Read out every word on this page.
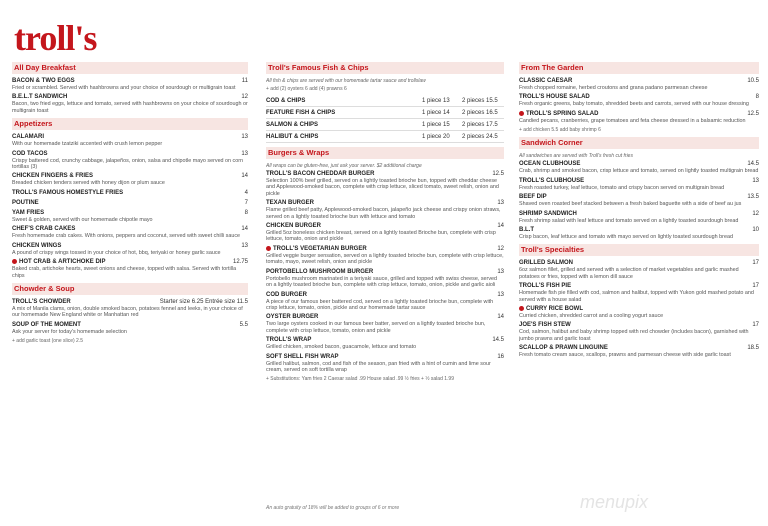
troll's
All Day Breakfast
BACON & TWO EGGS	11
Fried or scrambled. Served with hashbrowns and your choice of sourdough or multigrain toast
B.E.L.T SANDWICH	12
Bacon, two fried eggs, lettuce and tomato, served with hashbrowns on your choice of sourdough or multigrain toast
Appetizers
CALAMARI	13
With our homemade tzatziki accented with crush lemon pepper
COD TACOS	13
Crispy battered cod, crunchy cabbage, jalapeños, onion, salsa and chipotle mayo served on corn tortillas (3)
CHICKEN FINGERS & FRIES	14
Breaded chicken tenders served with honey dijon or plum sauce
TROLL'S FAMOUS HOMESTYLE FRIES	4
POUTINE	7
YAM FRIES	8
Sweet & golden, served with our homemade chipotle mayo
CHEF'S CRAB CAKES	14
Fresh homemade crab cakes. With onions, peppers and coconut, served with sweet chilli sauce
CHICKEN WINGS	13
A pound of crispy wings tossed in your choice of hot, bbq, teriyaki or honey garlic sauce
HOT CRAB & ARTICHOKE DIP	12.75
Baked crab, artichoke hearts, sweet onions and cheese, topped with salsa. Served with tortilla chips
Chowder & Soup
TROLL'S CHOWDER	Starter size 6.25 Entrée size 11.5
A mix of Manila clams, onion, double smoked bacon, potatoes fennel and leeks, in your choice of our homemade New England white or Manhattan red
SOUP OF THE MOMENT	5.5
Ask your server for today's homemade selection
+ add garlic toast (one slice) 2.5
Troll's Famous Fish & Chips
All fish & chips are served with our homemade tartar sauce and trollslaw
+ add (2) oysters 6 add (4) prawns 6
COD & CHIPS	1 piece 13 2 pieces 15.5
FEATURE FISH & CHIPS	1 piece 14 2 pieces 16.5
SALMON & CHIPS	1 piece 15 2 pieces 17.5
HALIBUT & CHIPS	1 piece 20 2 pieces 24.5
Burgers & Wraps
All wraps can be gluten-free, just ask your server. $2 additional charge
TROLL'S BACON CHEDDAR BURGER	12.5
Selection 100% beef grilled, served on a lightly toasted brioche bun, topped with cheddar cheese and Applewood-smoked bacon, complete with crisp lettuce, sliced tomato, sweet relish, onion and pickle
TEXAN BURGER	13
Flame grilled beef patty, Applewood-smoked bacon, jalapeño jack cheese and crispy onion straws, served on a lightly toasted brioche bun with lettuce and tomato
CHICKEN BURGER	14
Grilled 5oz boneless chicken breast, served on a lightly toasted Brioche bun, complete with crisp lettuce, tomato, onion and pickle
TROLL'S VEGETARIAN BURGER	12
Grilled veggie burger sensation, served on a lightly toasted brioche bun, complete with crisp lettuce, tomato, mayo, sweet relish, onion and pickle
PORTOBELLO MUSHROOM BURGER	13
Portobello mushroom marinated in a teriyaki sauce, grilled and topped with swiss cheese, served on a lightly toasted brioche bun, complete with crisp lettuce, tomato, onion, pickle and garlic aioli
COD BURGER	13
A piece of our famous beer battered cod, served on a lightly toasted brioche bun, complete with crisp lettuce, tomato, onion, pickle and our homemade tartar sauce
OYSTER BURGER	14
Two large oysters cooked in our famous beer batter, served on a lightly toasted brioche bun, complete with crisp lettuce, tomato, onion and pickle
TROLL'S WRAP	14.5
Grilled chicken, smoked bacon, guacamole, lettuce and tomato
SOFT SHELL FISH WRAP	16
Grilled halibut, salmon, cod and fish of the season, pan fried with a hint of cumin and lime sour cream, served on soft tortilla wrap
+ Substitutions: Yam fries 2 Caesar salad .99 House salad .99 ½ fries + ½ salad 1.99
From The Garden
CLASSIC CAESAR	10.5
Fresh chopped romaine, herbed croutons and grana padano parmesan cheese
TROLL'S HOUSE SALAD	8
Fresh organic greens, baby tomato, shredded beets and carrots, served with our house dressing
TROLL'S SPRING SALAD	12.5
Candied pecans, cranberries, grape tomatoes and feta cheese dressed in a balsamic reduction
+ add chicken 5.5 add baby shrimp 6
Sandwich Corner
All sandwiches are served with Troll's fresh cut fries
OCEAN CLUBHOUSE	14.5
Crab, shrimp and smoked bacon, crisp lettuce and tomato, served on lightly toasted multigrain bread
TROLL'S CLUBHOUSE	13
Fresh roasted turkey, leaf lettuce, tomato and crispy bacon served on multigrain bread
BEEF DIP	13.5
Shaved oven roasted beef stacked between a fresh baked baguette with a side of beef au jus
SHRIMP SANDWICH	12
Fresh shrimp salad with leaf lettuce and tomato served on a lightly toasted sourdough bread
B.L.T	10
Crisp bacon, leaf lettuce and tomato with mayo served on lightly toasted sourdough bread
Troll's Specialties
GRILLED SALMON	17
6oz salmon fillet, grilled and served with a selection of market vegetables and garlic mashed potatoes or fries, topped with a lemon dill sauce
TROLL'S FISH PIE	17
Homemade fish pie filled with cod, salmon and halibut, topped with Yukon gold mashed potato and served with a house salad
CURRY RICE BOWL
Curried chicken, shredded carrot and a cooling yogurt sauce
JOE'S FISH STEW	17
Cod, salmon, halibut and baby shrimp topped with red chowder (includes bacon), garnished with jumbo prawns and garlic toast
SCALLOP & PRAWN LINGUINE	18.5
Fresh tomato cream sauce, scallops, prawns and parmesan cheese with side garlic toast
menupix
An auto gratuity of 18% will be added to groups of 6 or more
